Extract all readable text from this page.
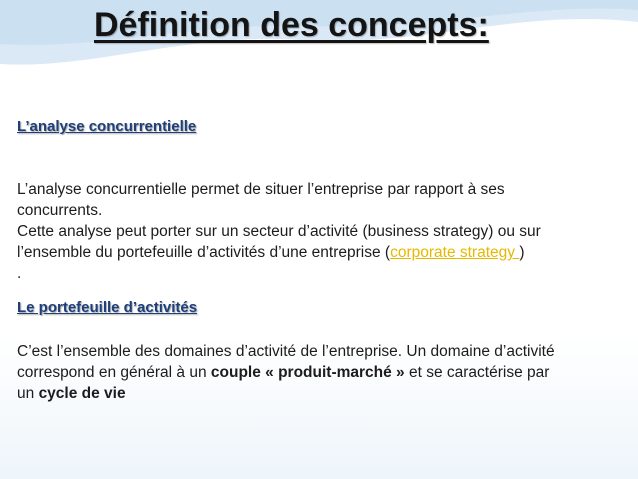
Définition des concepts:
L’analyse concurrentielle
L’analyse concurrentielle permet de situer l’entreprise par rapport à ses
concurrents.
Cette analyse peut porter sur un secteur d’activité (business strategy) ou sur
l’ensemble du portefeuille d’activités d’une entreprise (corporate strategy )
.
Le portefeuille d’activités
C’est l’ensemble des domaines d’activité de l’entreprise. Un domaine d’activité
correspond en général à un couple « produit-marché » et se caractérise par
un cycle de vie
